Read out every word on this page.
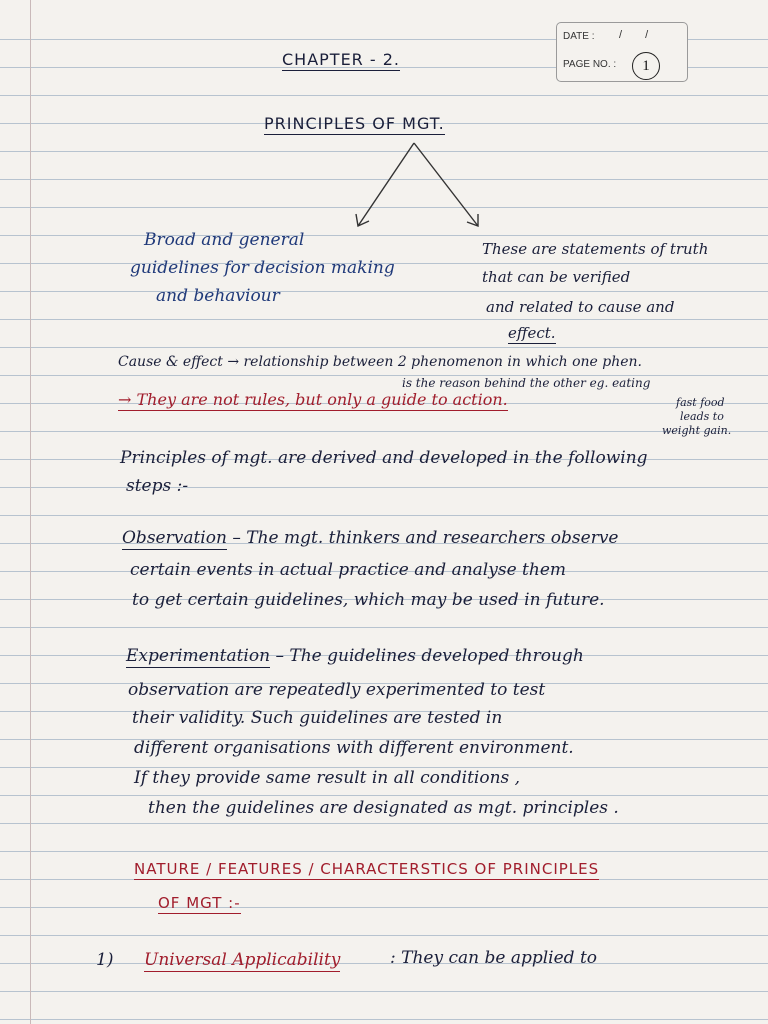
DATE : / /
PAGE NO. :	1
CHAPTER - 2.
PRINCIPLES OF MGT.
Broad and general
guidelines for decision making
and behaviour
These are statements of truth
that can be verified
and related to cause and
effect.
Cause & effect → relationship between 2 phenomenon in which one phen.
is the reason behind the other eg. eating
fast food
leads to
weight gain.
→ They are not rules, but only a guide to action.
Principles of mgt. are derived and developed in the following
steps :-
Observation – The mgt. thinkers and researchers observe
certain events in actual practice and analyse them
to get certain guidelines, which may be used in future.
Experimentation – The guidelines developed through
observation are repeatedly experimented to test
their validity. Such guidelines are tested in
different organisations with different environment.
If they provide same result in all conditions ,
then the guidelines are designated as mgt. principles .
NATURE / FEATURES / CHARACTERSTICS OF PRINCIPLES
OF MGT :-
1) Universal Applicability	: They can be applied to
